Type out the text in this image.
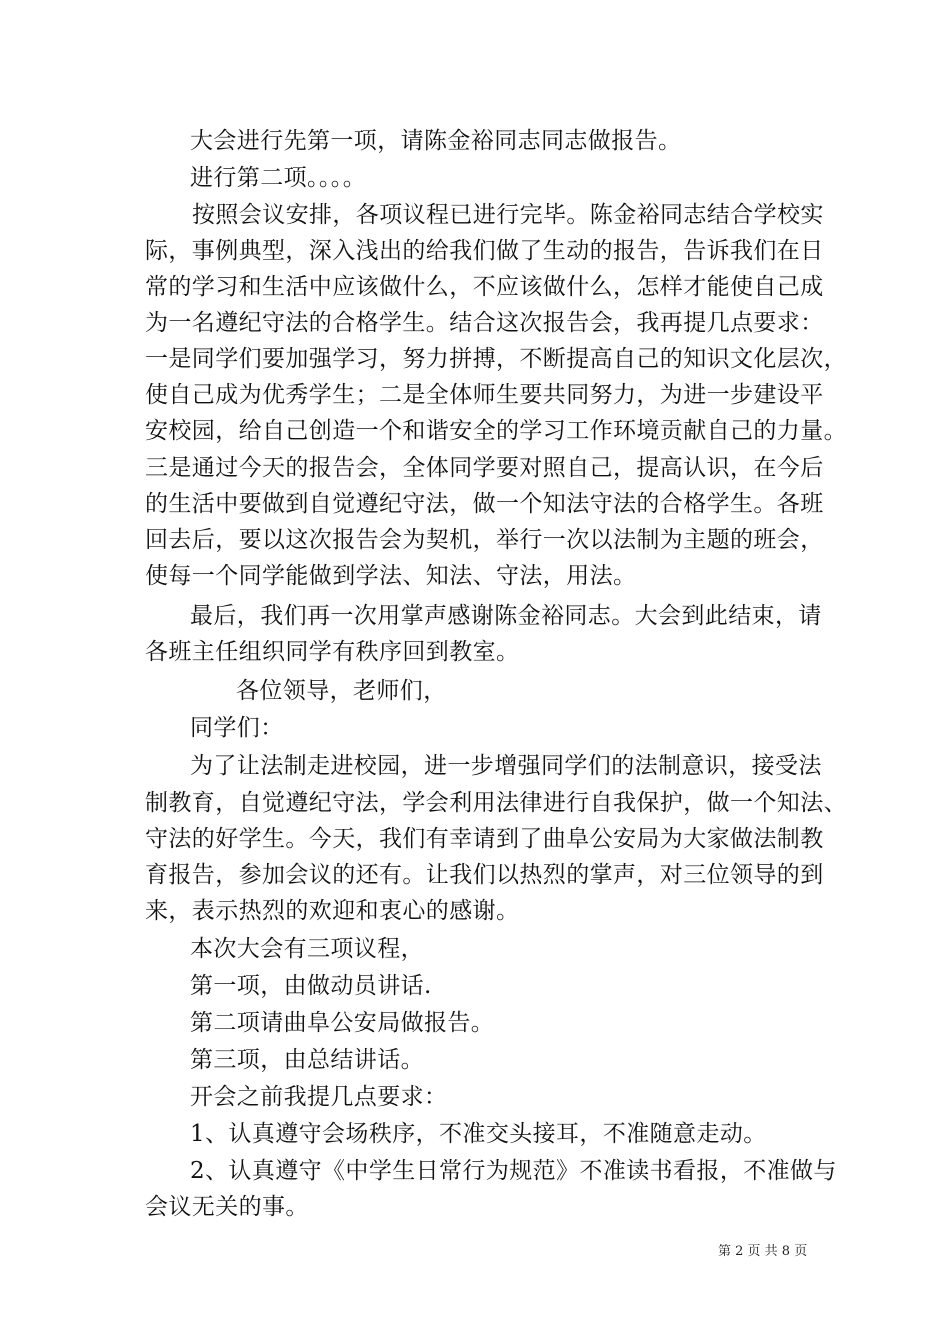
大会进行先第一项，请陈金裕同志同志做报告。
进行第二项。。。。
按照会议安排，各项议程已进行完毕。陈金裕同志结合学校实
际，事例典型，深入浅出的给我们做了生动的报告，告诉我们在日
常的学习和生活中应该做什么，不应该做什么，怎样才能使自己成
为一名遵纪守法的合格学生。结合这次报告会，我再提几点要求：
一是同学们要加强学习，努力拼搏，不断提高自己的知识文化层次，
使自己成为优秀学生；二是全体师生要共同努力，为进一步建设平
安校园，给自己创造一个和谐安全的学习工作环境贡献自己的力量。
三是通过今天的报告会，全体同学要对照自己，提高认识，在今后
的生活中要做到自觉遵纪守法，做一个知法守法的合格学生。各班
回去后，要以这次报告会为契机，举行一次以法制为主题的班会，
使每一个同学能做到学法、知法、守法，用法。
最后，我们再一次用掌声感谢陈金裕同志。大会到此结束，请
各班主任组织同学有秩序回到教室。
各位领导，老师们，
同学们：
为了让法制走进校园，进一步增强同学们的法制意识，接受法
制教育，自觉遵纪守法，学会利用法律进行自我保护，做一个知法、
守法的好学生。今天，我们有幸请到了曲阜公安局为大家做法制教
育报告，参加会议的还有。让我们以热烈的掌声，对三位领导的到
来，表示热烈的欢迎和衷心的感谢。
本次大会有三项议程，
第一项，由做动员讲话.
第二项请曲阜公安局做报告。
第三项，由总结讲话。
开会之前我提几点要求：
1、认真遵守会场秩序，不准交头接耳，不准随意走动。
2、认真遵守《中学生日常行为规范》不准读书看报，不准做与
会议无关的事。
第 2 页 共 8 页
